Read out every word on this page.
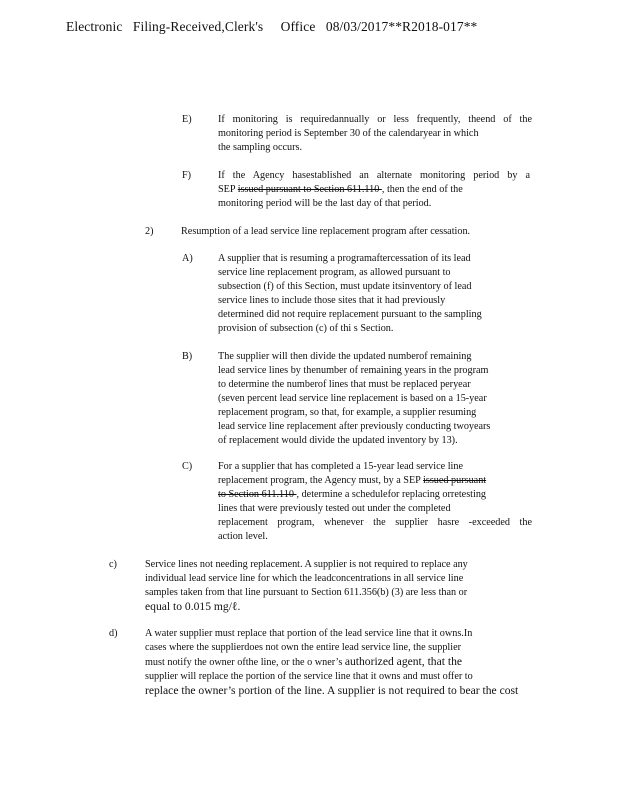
Electronic   Filing-Received,Clerk's     Office   08/03/2017**R2018-017**
E)	If monitoring is requiredannually or less frequently, theend of the
monitoring period is September 30 of the calendaryear in which
the sampling occurs.
F)	If the Agency hasestablished an alternate monitoring period by a
SEP issued pursuant to Section 611.110 , then the end of the
monitoring period will be the last day of that period.
2)	Resumption of a lead service line replacement program after cessation.
A) A supplier that is resuming a programaftercessation of its lead
service line replacement program, as allowed pursuant to
subsection (f) of this Section, must update itsinventory of lead
service lines to include those sites that it had previously
determined did not require replacement pursuant to the sampling
provision of subsection (c) of thi s Section.
B)	The supplier will then divide the updated numberof remaining
lead service lines by thenumber of remaining years in the program
to determine the numberof lines that must be replaced peryear
(seven percent lead service line replacement is based on a 15-year
replacement program, so that, for example, a supplier resuming
lead service line replacement after previously conducting twoyears
of replacement would divide the updated inventory by 13).
C)	For a supplier that has completed a 15-year lead service line
replacement program, the Agency must, by a SEP issued pursuant
to Section 611.110 , determine a schedulefor replacing orretesting
lines that were previously tested out under the completed
replacement program, whenever the supplier hasre -exceeded the
action level.
c)	Service lines not needing replacement. A supplier is not required to replace any
individual lead service line for which the leadconcentrations in all service line
samples taken from that line pursuant to Section 611.356(b) (3) are less than or
equal to 0.015 mg/ℓ.
d)	A water supplier must replace that portion of the lead service line that it owns.In
cases where the supplierdoes not own the entire lead service line, the supplier
must notify the owner ofthe line, or the o wner’s authorized agent, that the
supplier will replace the portion of the service line that it owns and must offer to
replace the owner’s portion of the line. A supplier is not required to bear the cost
